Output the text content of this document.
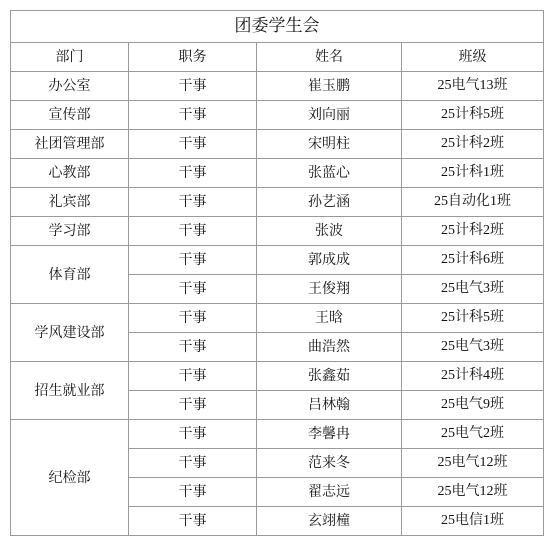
团委学生会			
部门	职务	姓名	班级
办公室	干事	崔玉鹏	25电气13班
宣传部	干事	刘向丽	25计科5班
社团管理部	干事	宋明柱	25计科2班
心教部	干事	张蓝心	25计科1班
礼宾部	干事	孙艺涵	25自动化1班
学习部	干事	张波	25计科2班
体育部	干事	郭成成	25计科6班
	干事	王俊翔	25电气3班
学风建设部	干事	王晗	25计科5班
	干事	曲浩然	25电气3班
招生就业部	干事	张鑫茹	25计科4班
	干事	吕林翰	25电气9班
纪检部	干事	李馨冉	25电气2班
	干事	范来冬	25电气12班
	干事	翟志远	25电气12班
	干事	玄翊橦	25电信1班
